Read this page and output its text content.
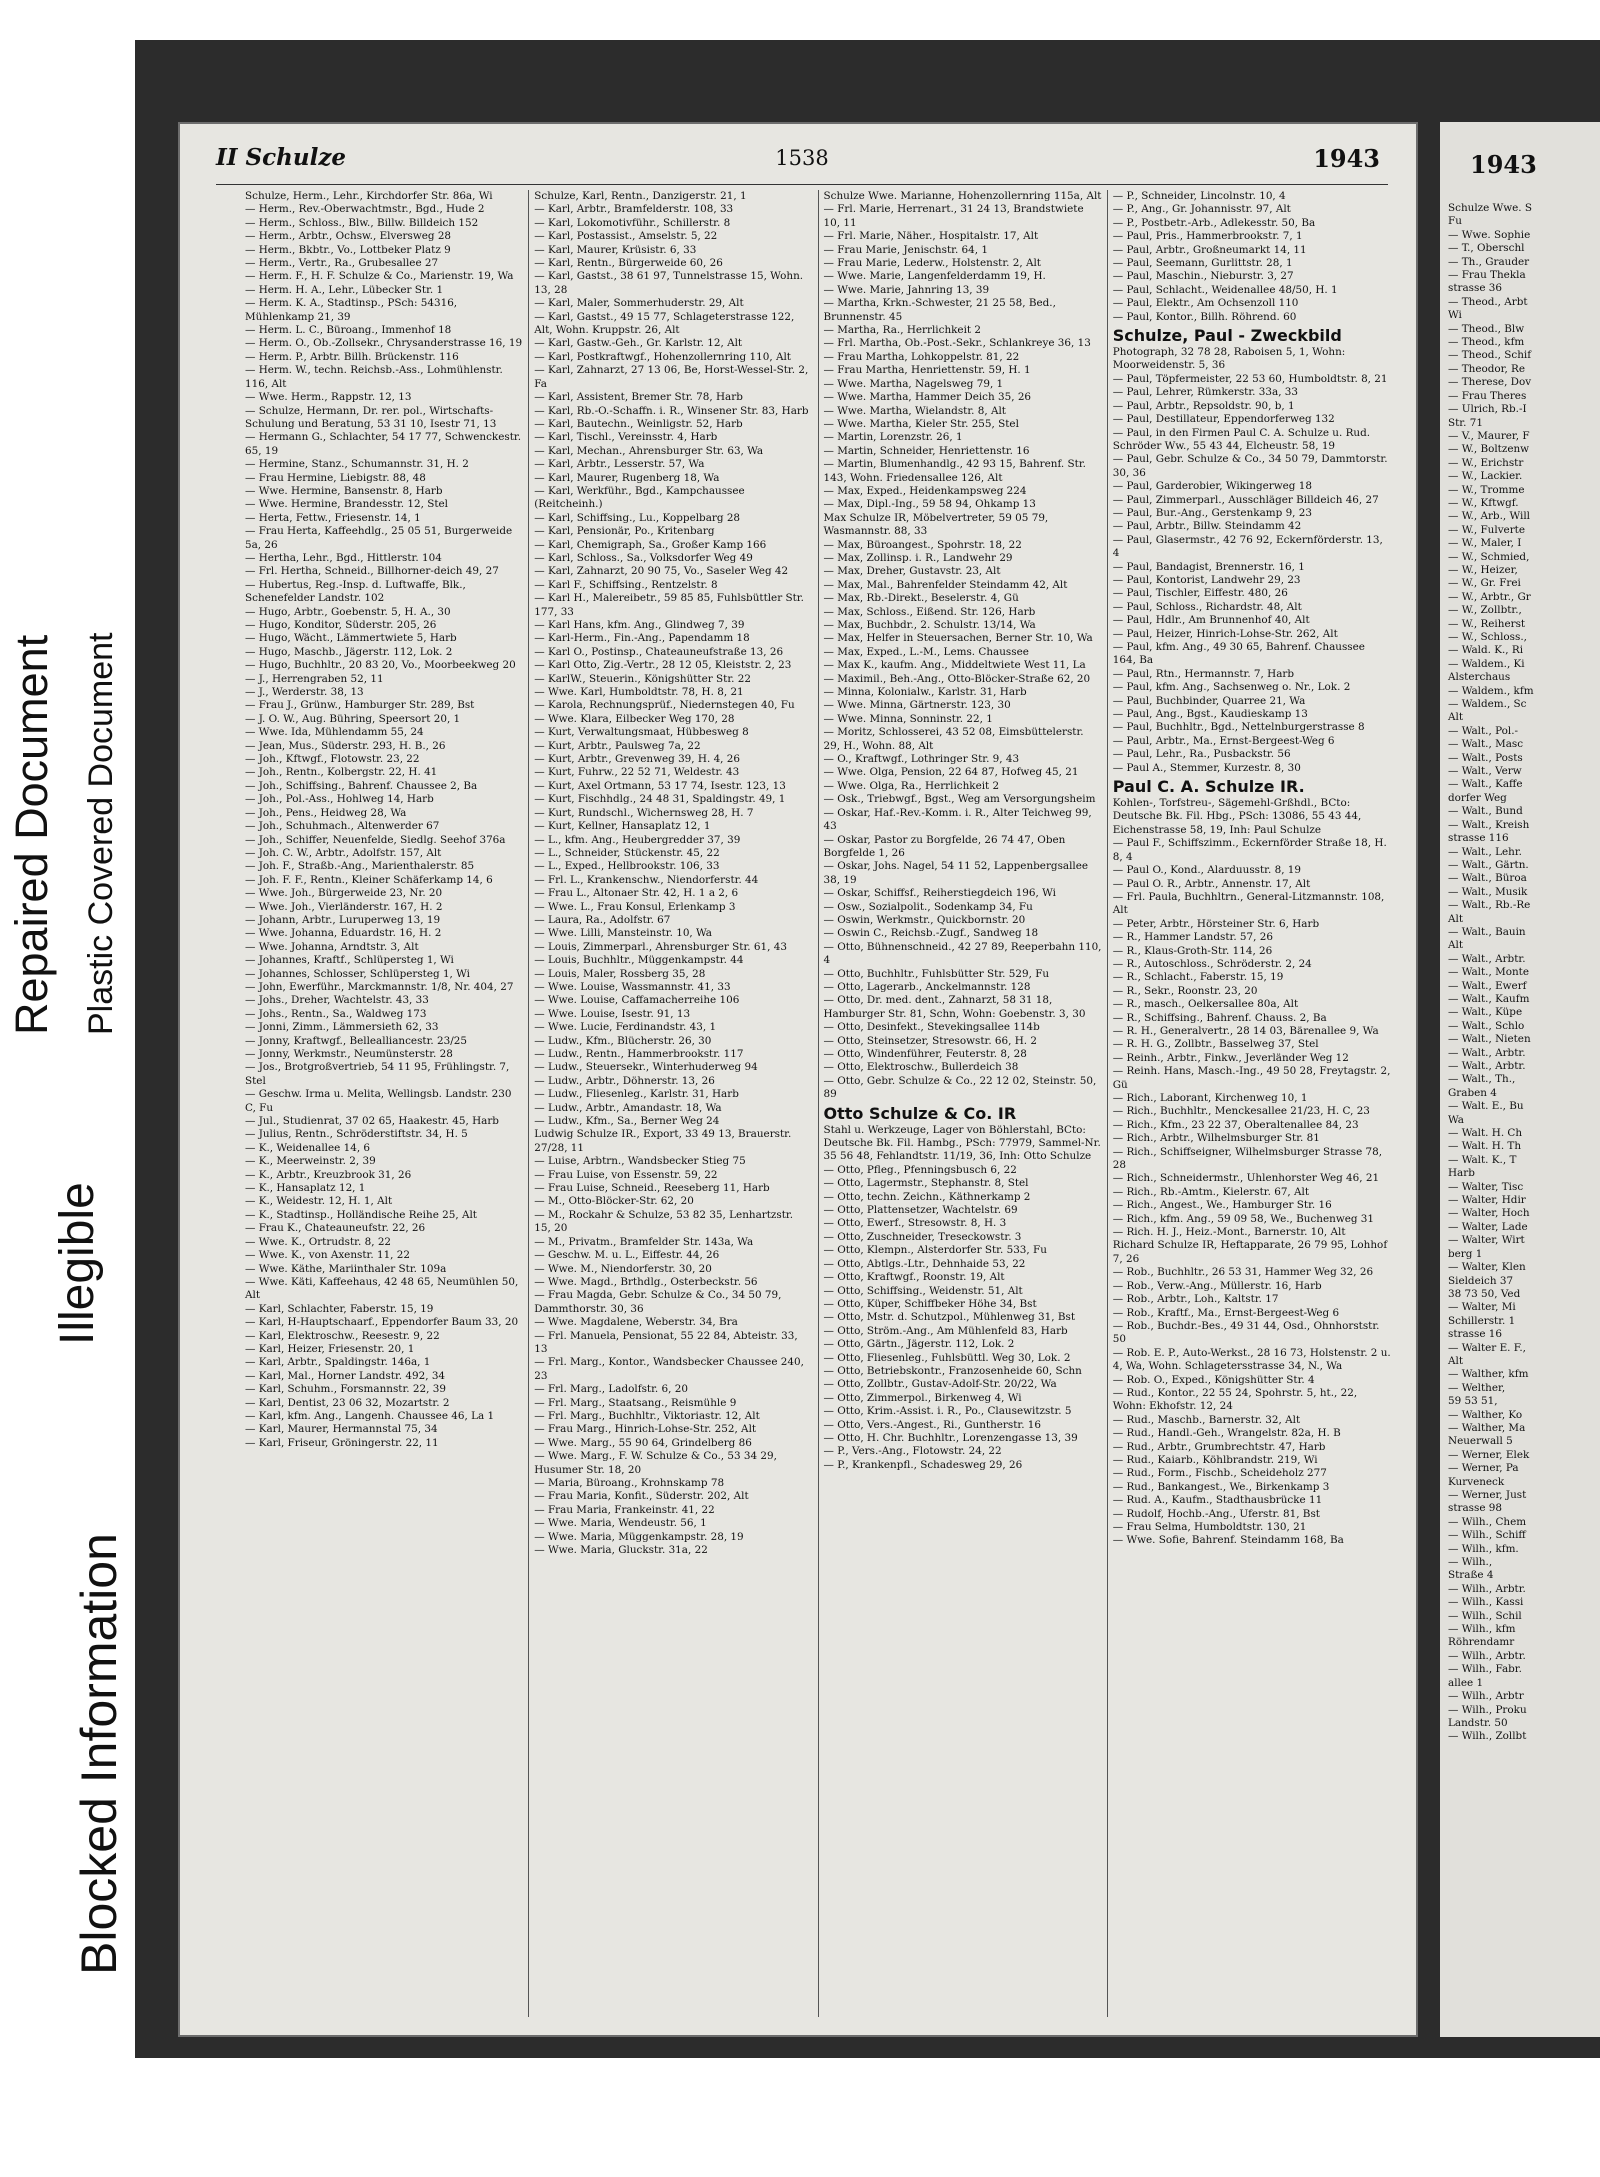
Blocked Information
Illegible
Repaired Document Plastic Covered Document
II Schulze	1538	1943
Schulze, Herm., Lehr., Kirchdorfer Str. 86a, Wi
— Herm., Rev.-Oberwachtmstr., Bgd., Hude 2
— Herm., Schloss., Blw., Billw. Billdeich 152
— Herm., Arbtr., Ochsw., Elversweg 28
— Herm., Bkbtr., Vo., Lottbeker Platz 9
— Herm., Vertr., Ra., Grubesallee 27
— Herm. F., H. F. Schulze & Co., Marienstr. 19, Wa
— Herm. H. A., Lehr., Lübecker Str. 1
— Herm. K. A., Stadtinsp., PSch: 54316, Mühlenkamp 21, 39
— Herm. L. C., Büroang., Immenhof 18
— Herm. O., Ob.-Zollsekr., Chrysanderstrasse 16, 19
— Herm. P., Arbtr. Billh. Brückenstr. 116
— Herm. W., techn. Reichsb.-Ass., Lohmühlenstr. 116, Alt
— Wwe. Herm., Rappstr. 12, 13
— Schulze, Hermann, Dr. rer. pol., Wirtschafts-Schulung und Beratung, 53 31 10, Isestr 71, 13
— Hermann G., Schlachter, 54 17 77, Schwenckestr. 65, 19
— Hermine, Stanz., Schumannstr. 31, H. 2
— Frau Hermine, Liebigstr. 88, 48
— Wwe. Hermine, Bansenstr. 8, Harb
— Wwe. Hermine, Brandesstr. 12, Stel
— Herta, Fettw., Friesenstr. 14, 1
— Frau Herta, Kaffeehdlg., 25 05 51, Burgerweide 5a, 26
— Hertha, Lehr., Bgd., Hittlerstr. 104
— Frl. Hertha, Schneid., Billhorner-deich 49, 27
— Hubertus, Reg.-Insp. d. Luftwaffe, Blk., Schenefelder Landstr. 102
— Hugo, Arbtr., Goebenstr. 5, H. A., 30
— Hugo, Konditor, Süderstr. 205, 26
— Hugo, Wächt., Lämmertwiete 5, Harb
— Hugo, Maschb., Jägerstr. 112, Lok. 2
— Hugo, Buchhltr., 20 83 20, Vo., Moorbeekweg 20
— J., Herrengraben 52, 11
— J., Werderstr. 38, 13
— Frau J., Grünw., Hamburger Str. 289, Bst
— J. O. W., Aug. Bühring, Speersort 20, 1
— Wwe. Ida, Mühlendamm 55, 24
— Jean, Mus., Süderstr. 293, H. B., 26
— Joh., Kftwgf., Flotowstr. 23, 22
— Joh., Rentn., Kolbergstr. 22, H. 41
— Joh., Schiffsing., Bahrenf. Chaussee 2, Ba
— Joh., Pol.-Ass., Hohlweg 14, Harb
— Joh., Pens., Heidweg 28, Wa
— Joh., Schuhmach., Altenwerder 67
— Joh., Schiffer, Neuenfelde, Siedlg. Seehof 376a
— Joh. C. W., Arbtr., Adolfstr. 157, Alt
— Joh. F., Straßb.-Ang., Marienthalerstr. 85
— Joh. F. F., Rentn., Kleiner Schäferkamp 14, 6
— Wwe. Joh., Bürgerweide 23, Nr. 20
— Wwe. Joh., Vierländerstr. 167, H. 2
— Johann, Arbtr., Luruperweg 13, 19
— Wwe. Johanna, Eduardstr. 16, H. 2
— Wwe. Johanna, Arndtstr. 3, Alt
— Johannes, Kraftf., Schlüpersteg 1, Wi
— Johannes, Schlosser, Schlüpersteg 1, Wi
— John, Ewerführ., Marckmannstr. 1/8, Nr. 404, 27
— Johs., Dreher, Wachtelstr. 43, 33
— Johs., Rentn., Sa., Waldweg 173
— Jonni, Zimm., Lämmersieth 62, 33
— Jonny, Kraftwgf., Bellealliancestr. 23/25
— Jonny, Werkmstr., Neumünsterstr. 28
— Jos., Brotgroßvertrieb, 54 11 95, Frühlingstr. 7, Stel
— Geschw. Irma u. Melita, Wellingsb. Landstr. 230 C, Fu
— Jul., Studienrat, 37 02 65, Haakestr. 45, Harb
— Julius, Rentn., Schröderstiftstr. 34, H. 5
— K., Weidenallee 14, 6
— K., Meerweinstr. 2, 39
— K., Arbtr., Kreuzbrook 31, 26
— K., Hansaplatz 12, 1
— K., Weidestr. 12, H. 1, Alt
— K., Stadtinsp., Holländische Reihe 25, Alt
— Frau K., Chateauneufstr. 22, 26
— Wwe. K., Ortrudstr. 8, 22
— Wwe. K., von Axenstr. 11, 22
— Wwe. Käthe, Mariinthaler Str. 109a
— Wwe. Käti, Kaffeehaus, 42 48 65, Neumühlen 50, Alt
— Karl, Schlachter, Faberstr. 15, 19
— Karl, H-Hauptschaarf., Eppendorfer Baum 33, 20
— Karl, Elektroschw., Reesestr. 9, 22
— Karl, Heizer, Friesenstr. 20, 1
— Karl, Arbtr., Spaldingstr. 146a, 1
— Karl, Mal., Horner Landstr. 492, 34
— Karl, Schuhm., Forsmannstr. 22, 39
— Karl, Dentist, 23 06 32, Mozartstr. 2
— Karl, kfm. Ang., Langenh. Chaussee 46, La 1
— Karl, Maurer, Hermannstal 75, 34
— Karl, Friseur, Gröningerstr. 22, 11
Schulze, Karl, Rentn., Danzigerstr. 21, 1
— Karl, Arbtr., Bramfelderstr. 108, 33
— Karl, Lokomotivführ., Schillerstr. 8
— Karl, Postassist., Amselstr. 5, 22
— Karl, Maurer, Krüsistr. 6, 33
— Karl, Rentn., Bürgerweide 60, 26
— Karl, Gastst., 38 61 97, Tunnelstrasse 15, Wohn. 13, 28
— Karl, Maler, Sommerhuderstr. 29, Alt
— Karl, Gastst., 49 15 77, Schlageterstrasse 122, Alt, Wohn. Kruppstr. 26, Alt
— Karl, Gastw.-Geh., Gr. Karlstr. 12, Alt
— Karl, Postkraftwgf., Hohenzollernring 110, Alt
— Karl, Zahnarzt, 27 13 06, Be, Horst-Wessel-Str. 2, Fa
— Karl, Assistent, Bremer Str. 78, Harb
— Karl, Rb.-O.-Schaffn. i. R., Winsener Str. 83, Harb
— Karl, Bautechn., Weinligstr. 52, Harb
— Karl, Tischl., Vereinsstr. 4, Harb
— Karl, Mechan., Ahrensburger Str. 63, Wa
— Karl, Arbtr., Lesserstr. 57, Wa
— Karl, Maurer, Rugenberg 18, Wa
— Karl, Werkführ., Bgd., Kampchaussee (Reitcheinh.)
— Karl, Schiffsing., Lu., Koppelbarg 28
— Karl, Pensionär, Po., Kritenbarg
— Karl, Chemigraph, Sa., Großer Kamp 166
— Karl, Schloss., Sa., Volksdorfer Weg 49
— Karl, Zahnarzt, 20 90 75, Vo., Saseler Weg 42
— Karl F., Schiffsing., Rentzelstr. 8
— Karl H., Malereibetr., 59 85 85, Fuhlsbüttler Str. 177, 33
— Karl Hans, kfm. Ang., Glindweg 7, 39
— Karl-Herm., Fin.-Ang., Papendamm 18
— Karl O., Postinsp., Chateauneufstraße 13, 26
— Karl Otto, Zig.-Vertr., 28 12 05, Kleiststr. 2, 23
— KarlW., Steuerin., Königshütter Str. 22
— Wwe. Karl, Humboldtstr. 78, H. 8, 21
— Karola, Rechnungsprüf., Niedernstegen 40, Fu
— Wwe. Klara, Eilbecker Weg 170, 28
— Kurt, Verwaltungsmaat, Hübbesweg 8
— Kurt, Arbtr., Paulsweg 7a, 22
— Kurt, Arbtr., Grevenweg 39, H. 4, 26
— Kurt, Fuhrw., 22 52 71, Weldestr. 43
— Kurt, Axel Ortmann, 53 17 74, Isestr. 123, 13
— Kurt, Fischhdlg., 24 48 31, Spaldingstr. 49, 1
— Kurt, Rundschl., Wichernsweg 28, H. 7
— Kurt, Kellner, Hansaplatz 12, 1
— L., kfm. Ang., Heubergredder 37, 39
— L., Schneider, Stückenstr. 45, 22
— L., Exped., Hellbrookstr. 106, 33
— Frl. L., Krankenschw., Niendorferstr. 44
— Frau L., Altonaer Str. 42, H. 1 a 2, 6
— Wwe. L., Frau Konsul, Erlenkamp 3
— Laura, Ra., Adolfstr. 67
— Wwe. Lilli, Mansteinstr. 10, Wa
— Louis, Zimmerparl., Ahrensburger Str. 61, 43
— Louis, Buchhltr., Müggenkampstr. 44
— Louis, Maler, Rossberg 35, 28
— Wwe. Louise, Wassmannstr. 41, 33
— Wwe. Louise, Caffamacherreihe 106
— Wwe. Louise, Isestr. 91, 13
— Wwe. Lucie, Ferdinandstr. 43, 1
— Ludw., Kfm., Blücherstr. 26, 30
— Ludw., Rentn., Hammerbrookstr. 117
— Ludw., Steuersekr., Winterhuderweg 94
— Ludw., Arbtr., Döhnerstr. 13, 26
— Ludw., Fliesenleg., Karlstr. 31, Harb
— Ludw., Arbtr., Amandastr. 18, Wa
— Ludw., Kfm., Sa., Berner Weg 24
Ludwig Schulze IR., Export, 33 49 13, Brauerstr. 27/28, 11
— Luise, Arbtrn., Wandsbecker Stieg 75
— Frau Luise, von Essenstr. 59, 22
— Frau Luise, Schneid., Reeseberg 11, Harb
— M., Otto-Blöcker-Str. 62, 20
— M., Rockahr & Schulze, 53 82 35, Lenhartzstr. 15, 20
— M., Privatm., Bramfelder Str. 143a, Wa
— Geschw. M. u. L., Eiffestr. 44, 26
— Wwe. M., Niendorferstr. 30, 20
— Wwe. Magd., Brthdlg., Osterbeckstr. 56
— Frau Magda, Gebr. Schulze & Co., 34 50 79, Dammthorstr. 30, 36
— Wwe. Magdalene, Weberstr. 34, Bra
— Frl. Manuela, Pensionat, 55 22 84, Abteistr. 33, 13
— Frl. Marg., Kontor., Wandsbecker Chaussee 240, 23
— Frl. Marg., Ladolfstr. 6, 20
— Frl. Marg., Staatsang., Reismühle 9
— Frl. Marg., Buchhltr., Viktoriastr. 12, Alt
— Frau Marg., Hinrich-Lohse-Str. 252, Alt
— Wwe. Marg., 55 90 64, Grindelberg 86
— Wwe. Marg., F. W. Schulze & Co., 53 34 29, Husumer Str. 18, 20
— Maria, Büroang., Krohnskamp 78
— Frau Maria, Konfit., Süderstr. 202, Alt
— Frau Maria, Frankeinstr. 41, 22
— Wwe. Maria, Wendeustr. 56, 1
— Wwe. Maria, Müggenkampstr. 28, 19
— Wwe. Maria, Gluckstr. 31a, 22
Schulze Wwe. Marianne, Hohenzollernring 115a, Alt
— Frl. Marie, Herrenart., 31 24 13, Brandstwiete 10, 11
— Frl. Marie, Näher., Hospitalstr. 17, Alt
— Frau Marie, Jenischstr. 64, 1
— Frau Marie, Lederw., Holstenstr. 2, Alt
— Wwe. Marie, Langenfelderdamm 19, H.
— Wwe. Marie, Jahnring 13, 39
— Martha, Krkn.-Schwester, 21 25 58, Bed., Brunnenstr. 45
— Martha, Ra., Herrlichkeit 2
— Frl. Martha, Ob.-Post.-Sekr., Schlankreye 36, 13
— Frau Martha, Lohkoppelstr. 81, 22
— Frau Martha, Henriettenstr. 59, H. 1
— Wwe. Martha, Nagelsweg 79, 1
— Wwe. Martha, Hammer Deich 35, 26
— Wwe. Martha, Wielandstr. 8, Alt
— Wwe. Martha, Kieler Str. 255, Stel
— Martin, Lorenzstr. 26, 1
— Martin, Schneider, Henriettenstr. 16
— Martin, Blumenhandlg., 42 93 15, Bahrenf. Str. 143, Wohn. Friedensallee 126, Alt
— Max, Exped., Heidenkampsweg 224
— Max, Dipl.-Ing., 59 58 94, Ohkamp 13
Max Schulze IR, Möbelvertreter, 59 05 79, Wasmannstr. 88, 33
— Max, Büroangest., Spohrstr. 18, 22
— Max, Zollinsp. i. R., Landwehr 29
— Max, Dreher, Gustavstr. 23, Alt
— Max, Mal., Bahrenfelder Steindamm 42, Alt
— Max, Rb.-Direkt., Beselerstr. 4, Gü
— Max, Schloss., Eißend. Str. 126, Harb
— Max, Buchbdr., 2. Schulstr. 13/14, Wa
— Max, Helfer in Steuersachen, Berner Str. 10, Wa
— Max, Exped., L.-M., Lems. Chaussee
— Max K., kaufm. Ang., Middeltwiete West 11, La
— Maximil., Beh.-Ang., Otto-Blöcker-Straße 62, 20
— Minna, Kolonialw., Karlstr. 31, Harb
— Wwe. Minna, Gärtnerstr. 123, 30
— Wwe. Minna, Sonninstr. 22, 1
— Moritz, Schlosserei, 43 52 08, Eimsbüttelerstr. 29, H., Wohn. 88, Alt
— O., Kraftwgf., Lothringer Str. 9, 43
— Wwe. Olga, Pension, 22 64 87, Hofweg 45, 21
— Wwe. Olga, Ra., Herrlichkeit 2
— Osk., Triebwgf., Bgst., Weg am Versorgungsheim
— Oskar, Haf.-Rev.-Komm. i. R., Alter Teichweg 99, 43
— Oskar, Pastor zu Borgfelde, 26 74 47, Oben Borgfelde 1, 26
— Oskar, Johs. Nagel, 54 11 52, Lappenbergsallee 38, 19
— Oskar, Schiffsf., Reiherstiegdeich 196, Wi
— Osw., Sozialpolit., Sodenkamp 34, Fu
— Oswin, Werkmstr., Quickbornstr. 20
— Oswin C., Reichsb.-Zugf., Sandweg 18
— Otto, Bühnenschneid., 42 27 89, Reeperbahn 110, 4
— Otto, Buchhltr., Fuhlsbütter Str. 529, Fu
— Otto, Lagerarb., Anckelmannstr. 128
— Otto, Dr. med. dent., Zahnarzt, 58 31 18, Hamburger Str. 81, Schn, Wohn: Goebenstr. 3, 30
— Otto, Desinfekt., Stevekingsallee 114b
— Otto, Steinsetzer, Stresowstr. 66, H. 2
— Otto, Windenführer, Feuterstr. 8, 28
— Otto, Elektroschw., Bullerdeich 38
— Otto, Gebr. Schulze & Co., 22 12 02, Steinstr. 50, 89
Otto Schulze & Co. IR
Stahl u. Werkzeuge, Lager von Böhlerstahl, BCto: Deutsche Bk. Fil. Hambg., PSch: 77979, Sammel-Nr. 35 56 48, Fehlandtstr. 11/19, 36, Inh: Otto Schulze
— Otto, Pfleg., Pfenningsbusch 6, 22
— Otto, Lagermstr., Stephanstr. 8, Stel
— Otto, techn. Zeichn., Käthnerkamp 2
— Otto, Plattensetzer, Wachtelstr. 69
— Otto, Ewerf., Stresowstr. 8, H. 3
— Otto, Zuschneider, Treseckowstr. 3
— Otto, Klempn., Alsterdorfer Str. 533, Fu
— Otto, Abtlgs.-Ltr., Dehnhaide 53, 22
— Otto, Kraftwgf., Roonstr. 19, Alt
— Otto, Schiffsing., Weidenstr. 51, Alt
— Otto, Küper, Schiffbeker Höhe 34, Bst
— Otto, Mstr. d. Schutzpol., Mühlenweg 31, Bst
— Otto, Ström.-Ang., Am Mühlenfeld 83, Harb
— Otto, Gärtn., Jägerstr. 112, Lok. 2
— Otto, Fliesenleg., Fuhlsbüttl. Weg 30, Lok. 2
— Otto, Betriebskontr., Franzosenheide 60, Schn
— Otto, Zollbtr., Gustav-Adolf-Str. 20/22, Wa
— Otto, Zimmerpol., Birkenweg 4, Wi
— Otto, Krim.-Assist. i. R., Po., Clausewitzstr. 5
— Otto, Vers.-Angest., Ri., Guntherstr. 16
— Otto, H. Chr. Buchhltr., Lorenzengasse 13, 39
— P., Vers.-Ang., Flotowstr. 24, 22
— P., Krankenpfl., Schadesweg 29, 26
— P., Schneider, Lincolnstr. 10, 4
— P., Ang., Gr. Johannisstr. 97, Alt
— P., Postbetr.-Arb., Adlekesstr. 50, Ba
— Paul, Pris., Hammerbrookstr. 7, 1
— Paul, Arbtr., Großneumarkt 14, 11
— Paul, Seemann, Gurlittstr. 28, 1
— Paul, Maschin., Nieburstr. 3, 27
— Paul, Schlacht., Weidenallee 48/50, H. 1
— Paul, Elektr., Am Ochsenzoll 110
— Paul, Kontor., Billh. Röhrend. 60
Schulze, Paul - Zweckbild
Photograph, 32 78 28, Raboisen 5, 1, Wohn: Moorweidenstr. 5, 36
— Paul, Töpfermeister, 22 53 60, Humboldtstr. 8, 21
— Paul, Lehrer, Rümkerstr. 33a, 33
— Paul, Arbtr., Repsoldstr. 90, b, 1
— Paul, Destillateur, Eppendorferweg 132
— Paul, in den Firmen Paul C. A. Schulze u. Rud. Schröder Ww., 55 43 44, Elcheustr. 58, 19
— Paul, Gebr. Schulze & Co., 34 50 79, Dammtorstr. 30, 36
— Paul, Garderobier, Wikingerweg 18
— Paul, Zimmerparl., Ausschläger Billdeich 46, 27
— Paul, Bur.-Ang., Gerstenkamp 9, 23
— Paul, Arbtr., Billw. Steindamm 42
— Paul, Glasermstr., 42 76 92, Eckernförderstr. 13, 4
— Paul, Bandagist, Brennerstr. 16, 1
— Paul, Kontorist, Landwehr 29, 23
— Paul, Tischler, Eiffestr. 480, 26
— Paul, Schloss., Richardstr. 48, Alt
— Paul, Hdlr., Am Brunnenhof 40, Alt
— Paul, Heizer, Hinrich-Lohse-Str. 262, Alt
— Paul, kfm. Ang., 49 30 65, Bahrenf. Chaussee 164, Ba
— Paul, Rtn., Hermannstr. 7, Harb
— Paul, kfm. Ang., Sachsenweg o. Nr., Lok. 2
— Paul, Buchbinder, Quarree 21, Wa
— Paul, Ang., Bgst., Kaudieskamp 13
— Paul, Buchhltr., Bgd., Nettelnburgerstrasse 8
— Paul, Arbtr., Ma., Ernst-Bergeest-Weg 6
— Paul, Lehr., Ra., Pusbackstr. 56
— Paul A., Stemmer, Kurzestr. 8, 30
Paul C. A. Schulze IR.
Kohlen-, Torfstreu-, Sägemehl-Grßhdl., BCto: Deutsche Bk. Fil. Hbg., PSch: 13086, 55 43 44, Eichenstrasse 58, 19, Inh: Paul Schulze
— Paul F., Schiffszimm., Eckernförder Straße 18, H. 8, 4
— Paul O., Kond., Alarduusstr. 8, 19
— Paul O. R., Arbtr., Annenstr. 17, Alt
— Frl. Paula, Buchhltrn., General-Litzmannstr. 108, Alt
— Peter, Arbtr., Hörsteiner Str. 6, Harb
— R., Hammer Landstr. 57, 26
— R., Klaus-Groth-Str. 114, 26
— R., Autoschloss., Schröderstr. 2, 24
— R., Schlacht., Faberstr. 15, 19
— R., Sekr., Roonstr. 23, 20
— R., masch., Oelkersallee 80a, Alt
— R., Schiffsing., Bahrenf. Chauss. 2, Ba
— R. H., Generalvertr., 28 14 03, Bärenallee 9, Wa
— R. H. G., Zollbtr., Basselweg 37, Stel
— Reinh., Arbtr., Finkw., Jeverländer Weg 12
— Reinh. Hans, Masch.-Ing., 49 50 28, Freytagstr. 2, Gü
— Rich., Laborant, Kirchenweg 10, 1
— Rich., Buchhltr., Menckesallee 21/23, H. C, 23
— Rich., Kfm., 23 22 37, Oberaltenallee 84, 23
— Rich., Arbtr., Wilhelmsburger Str. 81
— Rich., Schiffseigner, Wilhelmsburger Strasse 78, 28
— Rich., Schneidermstr., Uhlenhorster Weg 46, 21
— Rich., Rb.-Amtm., Kielerstr. 67, Alt
— Rich., Angest., We., Hamburger Str. 16
— Rich., kfm. Ang., 59 09 58, We., Buchenweg 31
— Rich. H. J., Heiz.-Mont., Barnerstr. 10, Alt
Richard Schulze IR, Heftapparate, 26 79 95, Lohhof 7, 26
— Rob., Buchhltr., 26 53 31, Hammer Weg 32, 26
— Rob., Verw.-Ang., Müllerstr. 16, Harb
— Rob., Arbtr., Loh., Kaltstr. 17
— Rob., Kraftf., Ma., Ernst-Bergeest-Weg 6
— Rob., Buchdr.-Bes., 49 31 44, Osd., Ohnhorststr. 50
— Rob. E. P., Auto-Werkst., 28 16 73, Holstenstr. 2 u. 4, Wa, Wohn. Schlagetersstrasse 34, N., Wa
— Rob. O., Exped., Königshütter Str. 4
— Rud., Kontor., 22 55 24, Spohrstr. 5, ht., 22, Wohn: Ekhofstr. 12, 24
— Rud., Maschb., Barnerstr. 32, Alt
— Rud., Handl.-Geh., Wrangelstr. 82a, H. B
— Rud., Arbtr., Grumbrechtstr. 47, Harb
— Rud., Kaiarb., Köhlbrandstr. 219, Wi
— Rud., Form., Fischb., Scheideholz 277
— Rud., Bankangest., We., Birkenkamp 3
— Rud. A., Kaufm., Stadthausbrücke 11
— Rudolf, Hochb.-Ang., Uferstr. 81, Bst
— Frau Selma, Humboldtstr. 130, 21
— Wwe. Sofie, Bahrenf. Steindamm 168, Ba
1943
Schulze Wwe. S
Fu
— Wwe. Sophie
— T., Oberschl
— Th., Grauder
— Frau Thekla
strasse 36
— Theod., Arbt
Wi
— Theod., Blw
— Theod., kfm
— Theod., Schif
— Theodor, Re
— Therese, Dov
— Frau Theres
— Ulrich, Rb.-I
Str. 71
— V., Maurer, F
— W., Boltzenw
— W., Erichstr
— W., Lackier.
— W., Tromme
— W., Kftwgf.
— W., Arb., Will
— W., Fulverte
— W., Maler, I
— W., Schmied,
— W., Heizer,
— W., Gr. Frei
— W., Arbtr., Gr
— W., Zollbtr.,
— W., Reiherst
— W., Schloss.,
— Wald. K., Ri
— Waldem., Ki
Alsterchaus
— Waldem., kfm
— Waldem., Sc
Alt
— Walt., Pol.-
— Walt., Masc
— Walt., Posts
— Walt., Verw
— Walt., Kaffe
dorfer Weg
— Walt., Bund
— Walt., Kreish
strasse 116
— Walt., Lehr.
— Walt., Gärtn.
— Walt., Büroa
— Walt., Musik
— Walt., Rb.-Re
Alt
— Walt., Bauin
Alt
— Walt., Arbtr.
— Walt., Monte
— Walt., Ewerf
— Walt., Kaufm
— Walt., Küpe
— Walt., Schlo
— Walt., Nieten
— Walt., Arbtr.
— Walt., Arbtr.
— Walt., Th.,
Graben 4
— Walt. E., Bu
Wa
— Walt. H. Ch
— Walt. H. Th
— Walt. K., T
Harb
— Walter, Tisc
— Walter, Hdir
— Walter, Hoch
— Walter, Lade
— Walter, Wirt
berg 1
— Walter, Klen
Sieldeich 37
38 73 50, Ved
— Walter, Mi
Schillerstr. 1
strasse 16
— Walter E. F.,
Alt
— Walther, kfm
— Welther,
59 53 51,
— Walther, Ko
— Walther, Ma
Neuerwall 5
— Werner, Elek
— Werner, Pa
Kurveneck
— Werner, Just
strasse 98
— Wilh., Chem
— Wilh., Schiff
— Wilh., kfm.
— Wilh.,
Straße 4
— Wilh., Arbtr.
— Wilh., Kassi
— Wilh., Schil
— Wilh., kfm
Röhrendamr
— Wilh., Arbtr.
— Wilh., Fabr.
allee 1
— Wilh., Arbtr
— Wilh., Proku
Landstr. 50
— Wilh., Zollbt
